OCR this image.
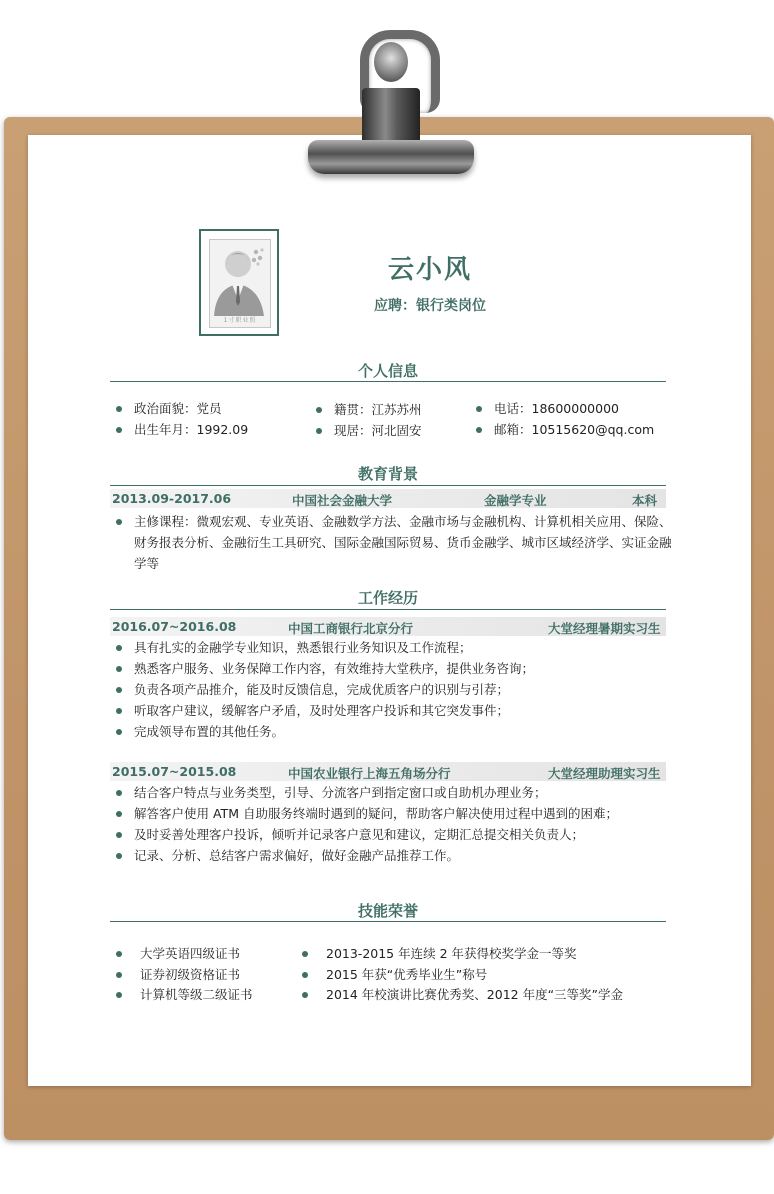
1寸职业照
云小风
应聘：银行类岗位
个人信息
政治面貌：党员
出生年月：1992.09
籍贯：江苏苏州
现居：河北固安
电话：18600000000
邮箱：10515620@qq.com
教育背景
2013.09-2017.06	中国社会金融大学	金融学专业	本科
主修课程：微观宏观、专业英语、金融数学方法、金融市场与金融机构、计算机相关应用、保险、财务报表分析、金融衍生工具研究、国际金融国际贸易、货币金融学、城市区域经济学、实证金融学等
工作经历
2016.07~2016.08	中国工商银行北京分行	大堂经理暑期实习生
具有扎实的金融学专业知识，熟悉银行业务知识及工作流程；
熟悉客户服务、业务保障工作内容，有效维持大堂秩序，提供业务咨询；
负责各项产品推介，能及时反馈信息，完成优质客户的识别与引荐；
听取客户建议，缓解客户矛盾，及时处理客户投诉和其它突发事件；
完成领导布置的其他任务。
2015.07~2015.08	中国农业银行上海五角场分行	大堂经理助理实习生
结合客户特点与业务类型，引导、分流客户到指定窗口或自助机办理业务；
解答客户使用 ATM 自助服务终端时遇到的疑问，帮助客户解决使用过程中遇到的困难；
及时妥善处理客户投诉，倾听并记录客户意见和建议，定期汇总提交相关负责人；
记录、分析、总结客户需求偏好，做好金融产品推荐工作。
技能荣誉
大学英语四级证书
证券初级资格证书
计算机等级二级证书
2013-2015 年连续 2 年获得校奖学金一等奖
2015 年获“优秀毕业生”称号
2014 年校演讲比赛优秀奖、2012 年度“三等奖”学金
